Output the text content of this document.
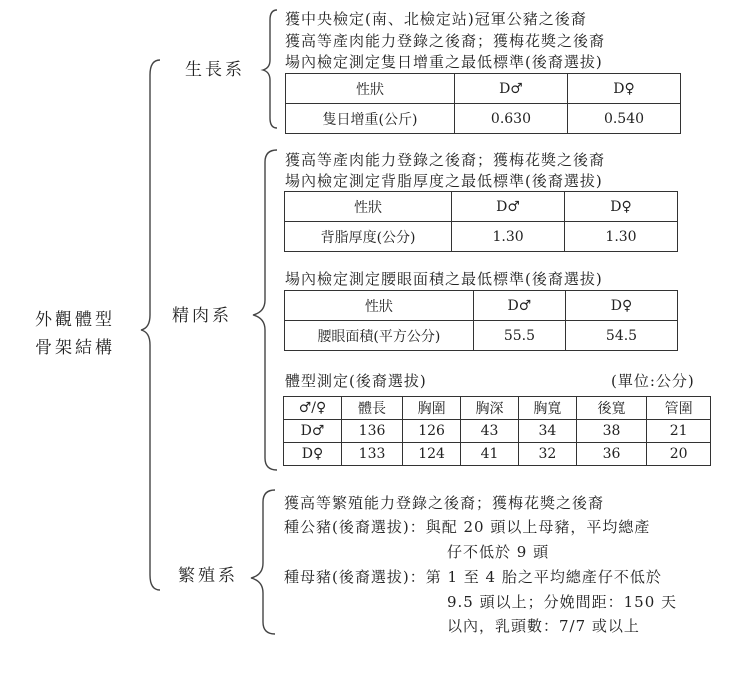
外觀體型
骨架結構
生長系
獲中央檢定(南、北檢定站)冠軍公豬之後裔
獲高等產肉能力登錄之後裔；獲梅花獎之後裔
場內檢定測定隻日增重之最低標準(後裔選拔)
性狀	D♂	D♀
隻日增重(公斤)	0.630	0.540
精肉系
獲高等產肉能力登錄之後裔；獲梅花獎之後裔
場內檢定測定背脂厚度之最低標準(後裔選拔)
性狀	D♂	D♀
背脂厚度(公分)	1.30	1.30
場內檢定測定腰眼面積之最低標準(後裔選拔)
性狀	D♂	D♀
腰眼面積(平方公分)	55.5	54.5
體型測定(後裔選拔)	(單位:公分)
♂/♀	體長	胸圍	胸深	胸寬	後寬	管圍
D♂	136	126	43	34	38	21
D♀	133	124	41	32	36	20
繁殖系
獲高等繁殖能力登錄之後裔；獲梅花獎之後裔
種公豬(後裔選拔)：與配 20 頭以上母豬，平均總產
仔不低於 9 頭
種母豬(後裔選拔)：第 1 至 4 胎之平均總產仔不低於
9.5 頭以上；分娩間距：150 天
以內，乳頭數：7/7 或以上
